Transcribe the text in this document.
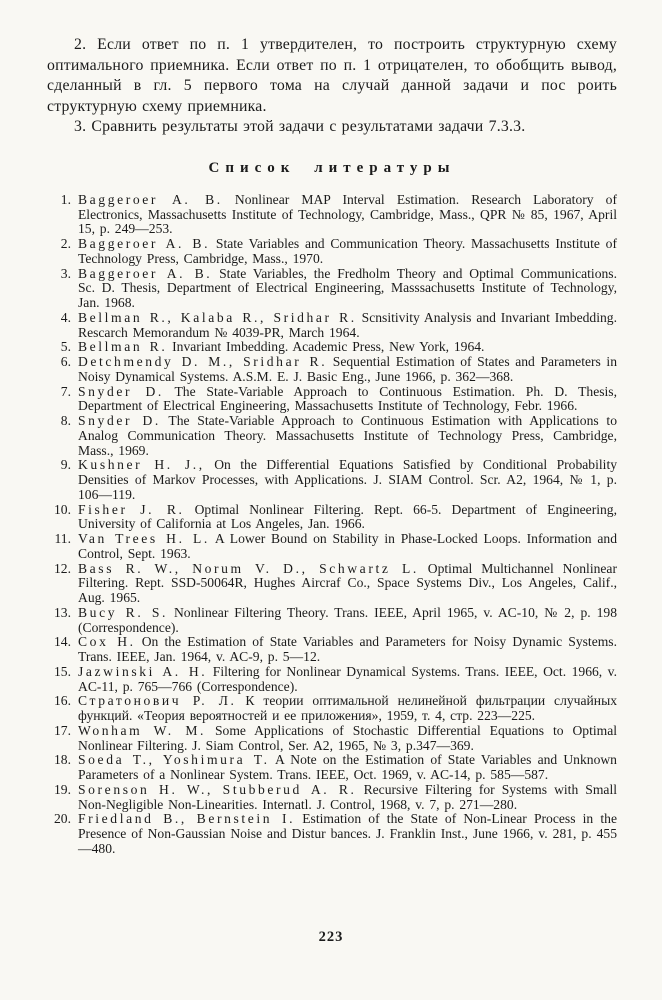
2. Если ответ по п. 1 утвердителен, то построить структурную схему оптимального приемника. Если ответ по п. 1 отрицателен, то обобщить вывод, сделанный в гл. 5 первого тома на случай данной задачи и пос роить структурную схему приемника.

3. Сравнить результаты этой задачи с результатами задачи 7.3.3.

Список литературы

1. Baggeroer A. B. Nonlinear MAP Interval Estimation. Research Laboratory of Electronics, Massachusetts Institute of Technology, Cambridge, Mass., QPR № 85, 1967, April 15, p. 249—253.

2. Baggeroer A. B. State Variables and Communication Theory. Massachusetts Institute of Technology Press, Cambridge, Mass., 1970.

3. Baggeroer A. B. State Variables, the Fredholm Theory and Optimal Communications. Sc. D. Thesis, Department of Electrical Engineering, Masssachusetts Institute of Technology, Jan. 1968.

4. Bellman R., Kalaba R., Sridhar R. Scnsitivity Analysis and Invariant Imbedding. Rescarch Memorandum № 4039-PR, March 1964.

5. Bellman R. Invariant Imbedding. Academic Press, New York, 1964.

6. Detchmendy D. M., Sridhar R. Sequential Estimation of States and Parameters in Noisy Dynamical Systems. A.S.M. E. J. Basic Eng., June 1966, p. 362—368.

7. Snyder D. The State-Variable Approach to Continuous Estimation. Ph. D. Thesis, Department of Electrical Engineering, Massachusetts Institute of Technology, Febr. 1966.

8. Snyder D. The State-Variable Approach to Continuous Estimation with Applications to Analog Communication Theory. Massachusetts Institute of Technology Press, Cambridge, Mass., 1969.

9. Kushner H. J., On the Differential Equations Satisfied by Conditional Probability Densities of Markov Processes, with Applications. J. SIAM Control. Scr. A2, 1964, № 1, p. 106—119.

10. Fisher J. R. Optimal Nonlinear Filtering. Rept. 66-5. Department of Engineering, University of California at Los Angeles, Jan. 1966.

11. Van Trees H. L. A Lower Bound on Stability in Phase-Locked Loops. Information and Control, Sept. 1963.

12. Bass R. W., Norum V. D., Schwartz L. Optimal Multichannel Nonlinear Filtering. Rept. SSD-50064R, Hughes Aircraf Co., Space Systems Div., Los Angeles, Calif., Aug. 1965.

13. Bucy R. S. Nonlinear Filtering Theory. Trans. IEEE, April 1965, v. AC-10, № 2, p. 198 (Correspondence).

14. Cox H. On the Estimation of State Variables and Parameters for Noisy Dynamic Systems. Trans. IEEE, Jan. 1964, v. AC-9, p. 5—12.

15. Jazwinski A. H. Filtering for Nonlinear Dynamical Systems. Trans. IEEE, Oct. 1966, v. AC-11, p. 765—766 (Correspondence).

16. Стратонович Р. Л. К теории оптимальной нелинейной фильтрации случайных функций. «Теория вероятностей и ее приложения», 1959, т. 4, стр. 223—225.

17. Wonham W. M. Some Applications of Stochastic Differential Equations to Optimal Nonlinear Filtering. J. Siam Control, Ser. A2, 1965, № 3, p.347—369.

18. Soeda T., Yoshimura T. A Note on the Estimation of State Variables and Unknown Parameters of a Nonlinear System. Trans. IEEE, Oct. 1969, v. AC-14, p. 585—587.

19. Sorenson H. W., Stubberud A. R. Recursive Filtering for Systems with Small Non-Negligible Non-Linearities. Internatl. J. Control, 1968, v. 7, p. 271—280.

20. Friedland B., Bernstein I. Estimation of the State of Non-Linear Process in the Presence of Non-Gaussian Noise and Distur bances. J. Franklin Inst., June 1966, v. 281, p. 455—480.

223
